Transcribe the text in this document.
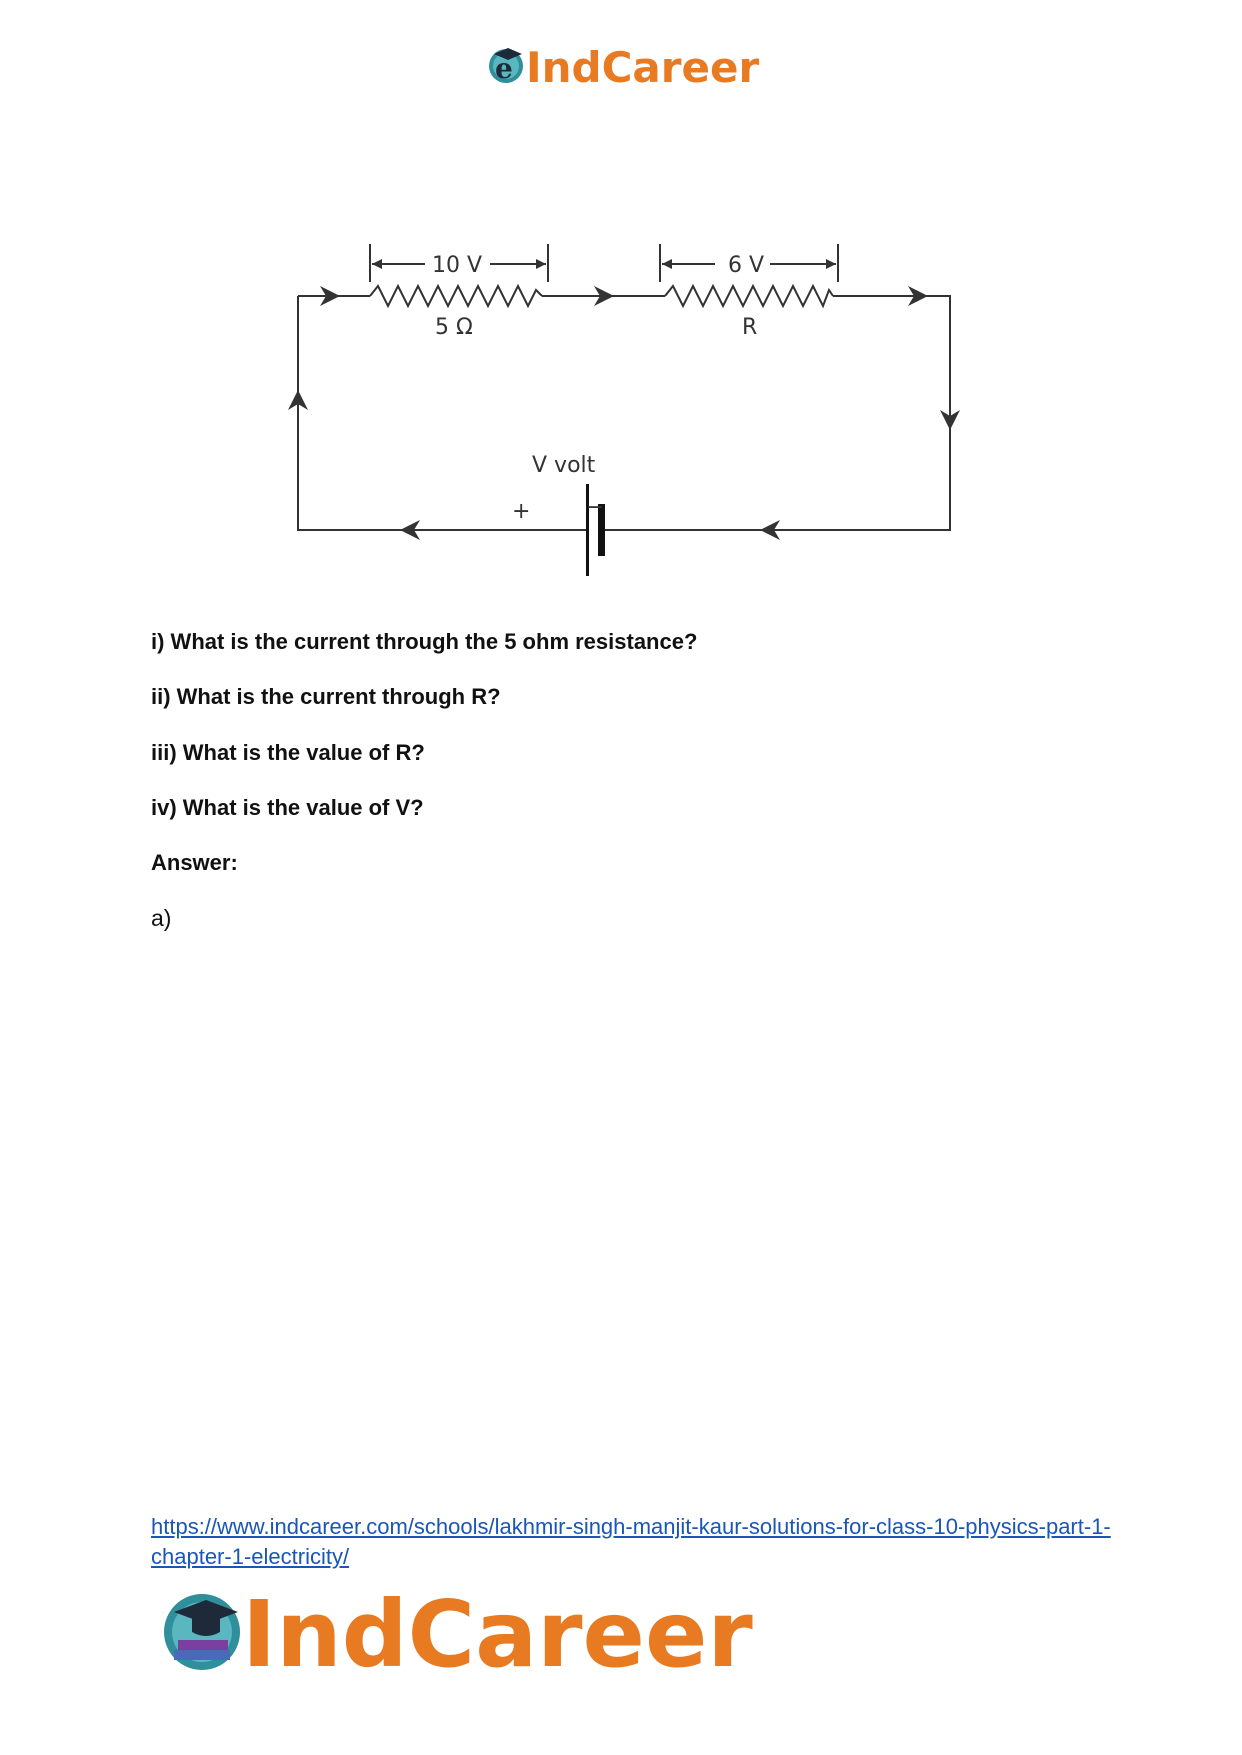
e IndCareer
10 V
5 Ω
6 V
R
V volt
+	−

i) What is the current through the 5 ohm resistance?

ii) What is the current through R?

iii) What is the value of R?

iv) What is the value of V?

Answer:

a)

https://www.indcareer.com/schools/lakhmir-singh-manjit-kaur-solutions-for-class-10-physics-part-1-chapter-1-electricity/
IndCareer
